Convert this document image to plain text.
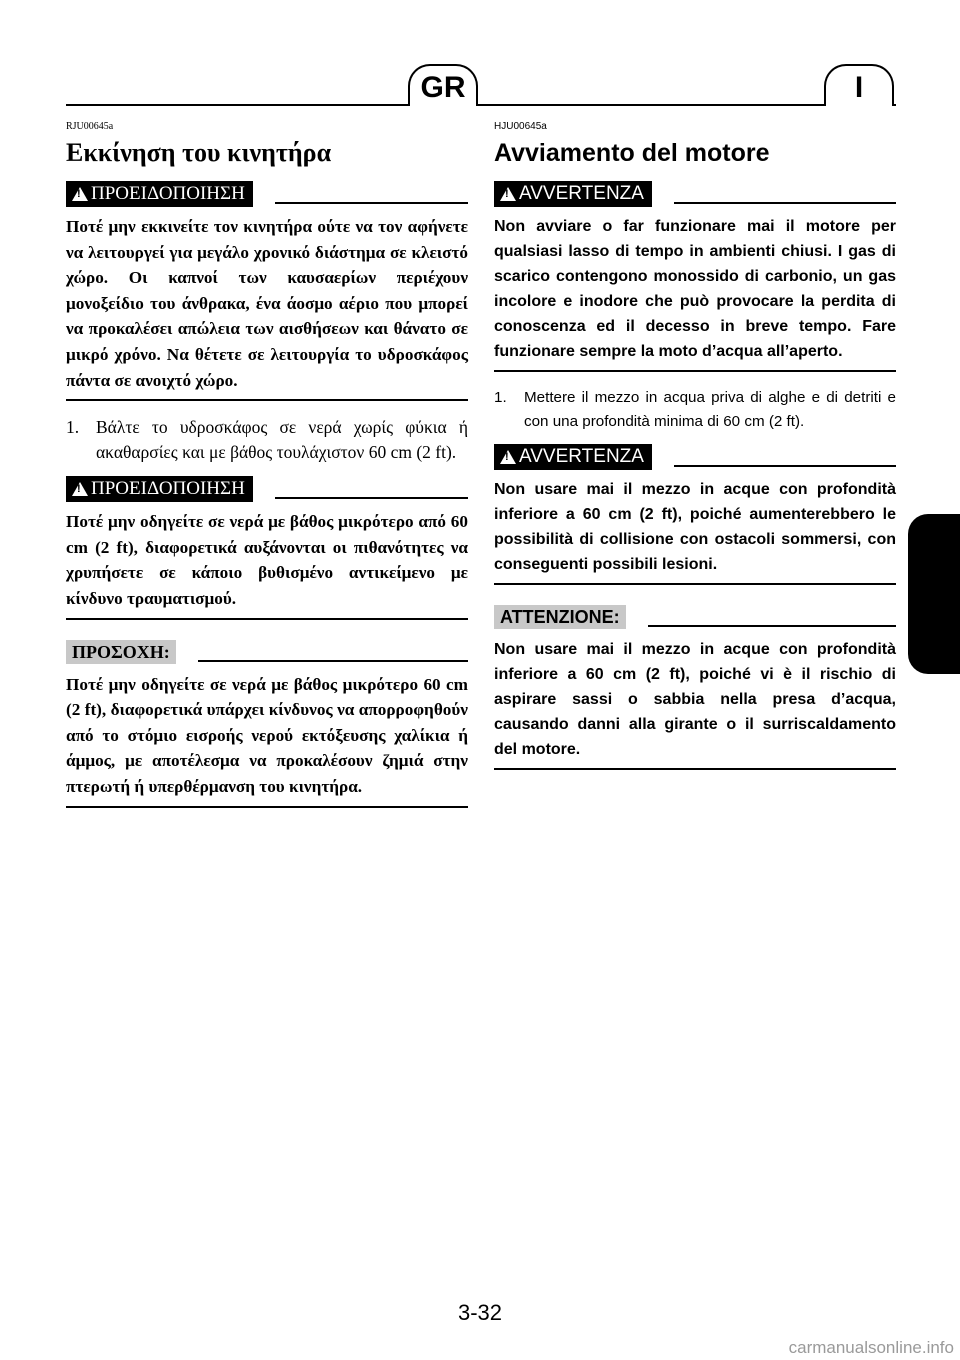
GR	I
RJU00645a
Εκκίνηση του κινητήρα
!
ΠΡΟΕΙΔΟΠΟΙΗΣΗ
Ποτέ μην εκκινείτε τον κινητήρα ούτε να τον αφήνετε να λειτουργεί για μεγάλο χρονικό διάστημα σε κλειστό χώρο. Οι καπνοί των καυσαερίων περιέχουν μονοξείδιο του άνθρακα, ένα άοσμο αέριο που μπορεί να προκαλέσει απώλεια των αισθήσεων και θάνατο σε μικρό χρόνο. Να θέτετε σε λειτουργία το υδροσκάφος πάντα σε ανοιχτό χώρο.
1. Βάλτε το υδροσκάφος σε νερά χωρίς φύκια ή ακαθαρσίες και με βάθος τουλάχιστον 60 cm (2 ft).
!
ΠΡΟΕΙΔΟΠΟΙΗΣΗ
Ποτέ μην οδηγείτε σε νερά με βάθος μικρότερο από 60 cm (2 ft), διαφορετικά αυξάνονται οι πιθανότητες να χρυπήσετε σε κάποιο βυθισμένο αντικείμενο με κίνδυνο τραυματισμού.
ΠΡΟΣΟΧΗ:
Ποτέ μην οδηγείτε σε νερά με βάθος μικρότερο 60 cm (2 ft), διαφορετικά υπάρχει κίνδυνος να απορροφηθούν από το στόμιο εισροής νερού εκτόξευσης χαλίκια ή άμμος, με αποτέλεσμα να προκαλέσουν ζημιά στην πτερωτή ή υπερθέρμανση του κινητήρα.
HJU00645a
Avviamento del motore
!
AVVERTENZA
Non avviare o far funzionare mai il motore per qualsiasi lasso di tempo in ambienti chiusi. I gas di scarico contengono monossido di carbonio, un gas incolore e inodore che può provocare la perdita di conoscenza ed il decesso in breve tempo. Fare funzionare sempre la moto d’acqua all’aperto.
1.	Mettere il mezzo in acqua priva di alghe e di detriti e con una profondità minima di 60 cm (2 ft).
!
AVVERTENZA
Non usare mai il mezzo in acque con profondità inferiore a 60 cm (2 ft), poiché aumenterebbero le possibilità di collisione con ostacoli sommersi, con conseguenti possibili lesioni.
ATTENZIONE:
Non usare mai il mezzo in acque con profondità inferiore a 60 cm (2 ft), poiché vi è il rischio di aspirare sassi o sabbia nella presa d’acqua, causando danni alla girante o il surriscaldamento del motore.
3-32
carmanualsonline.info
